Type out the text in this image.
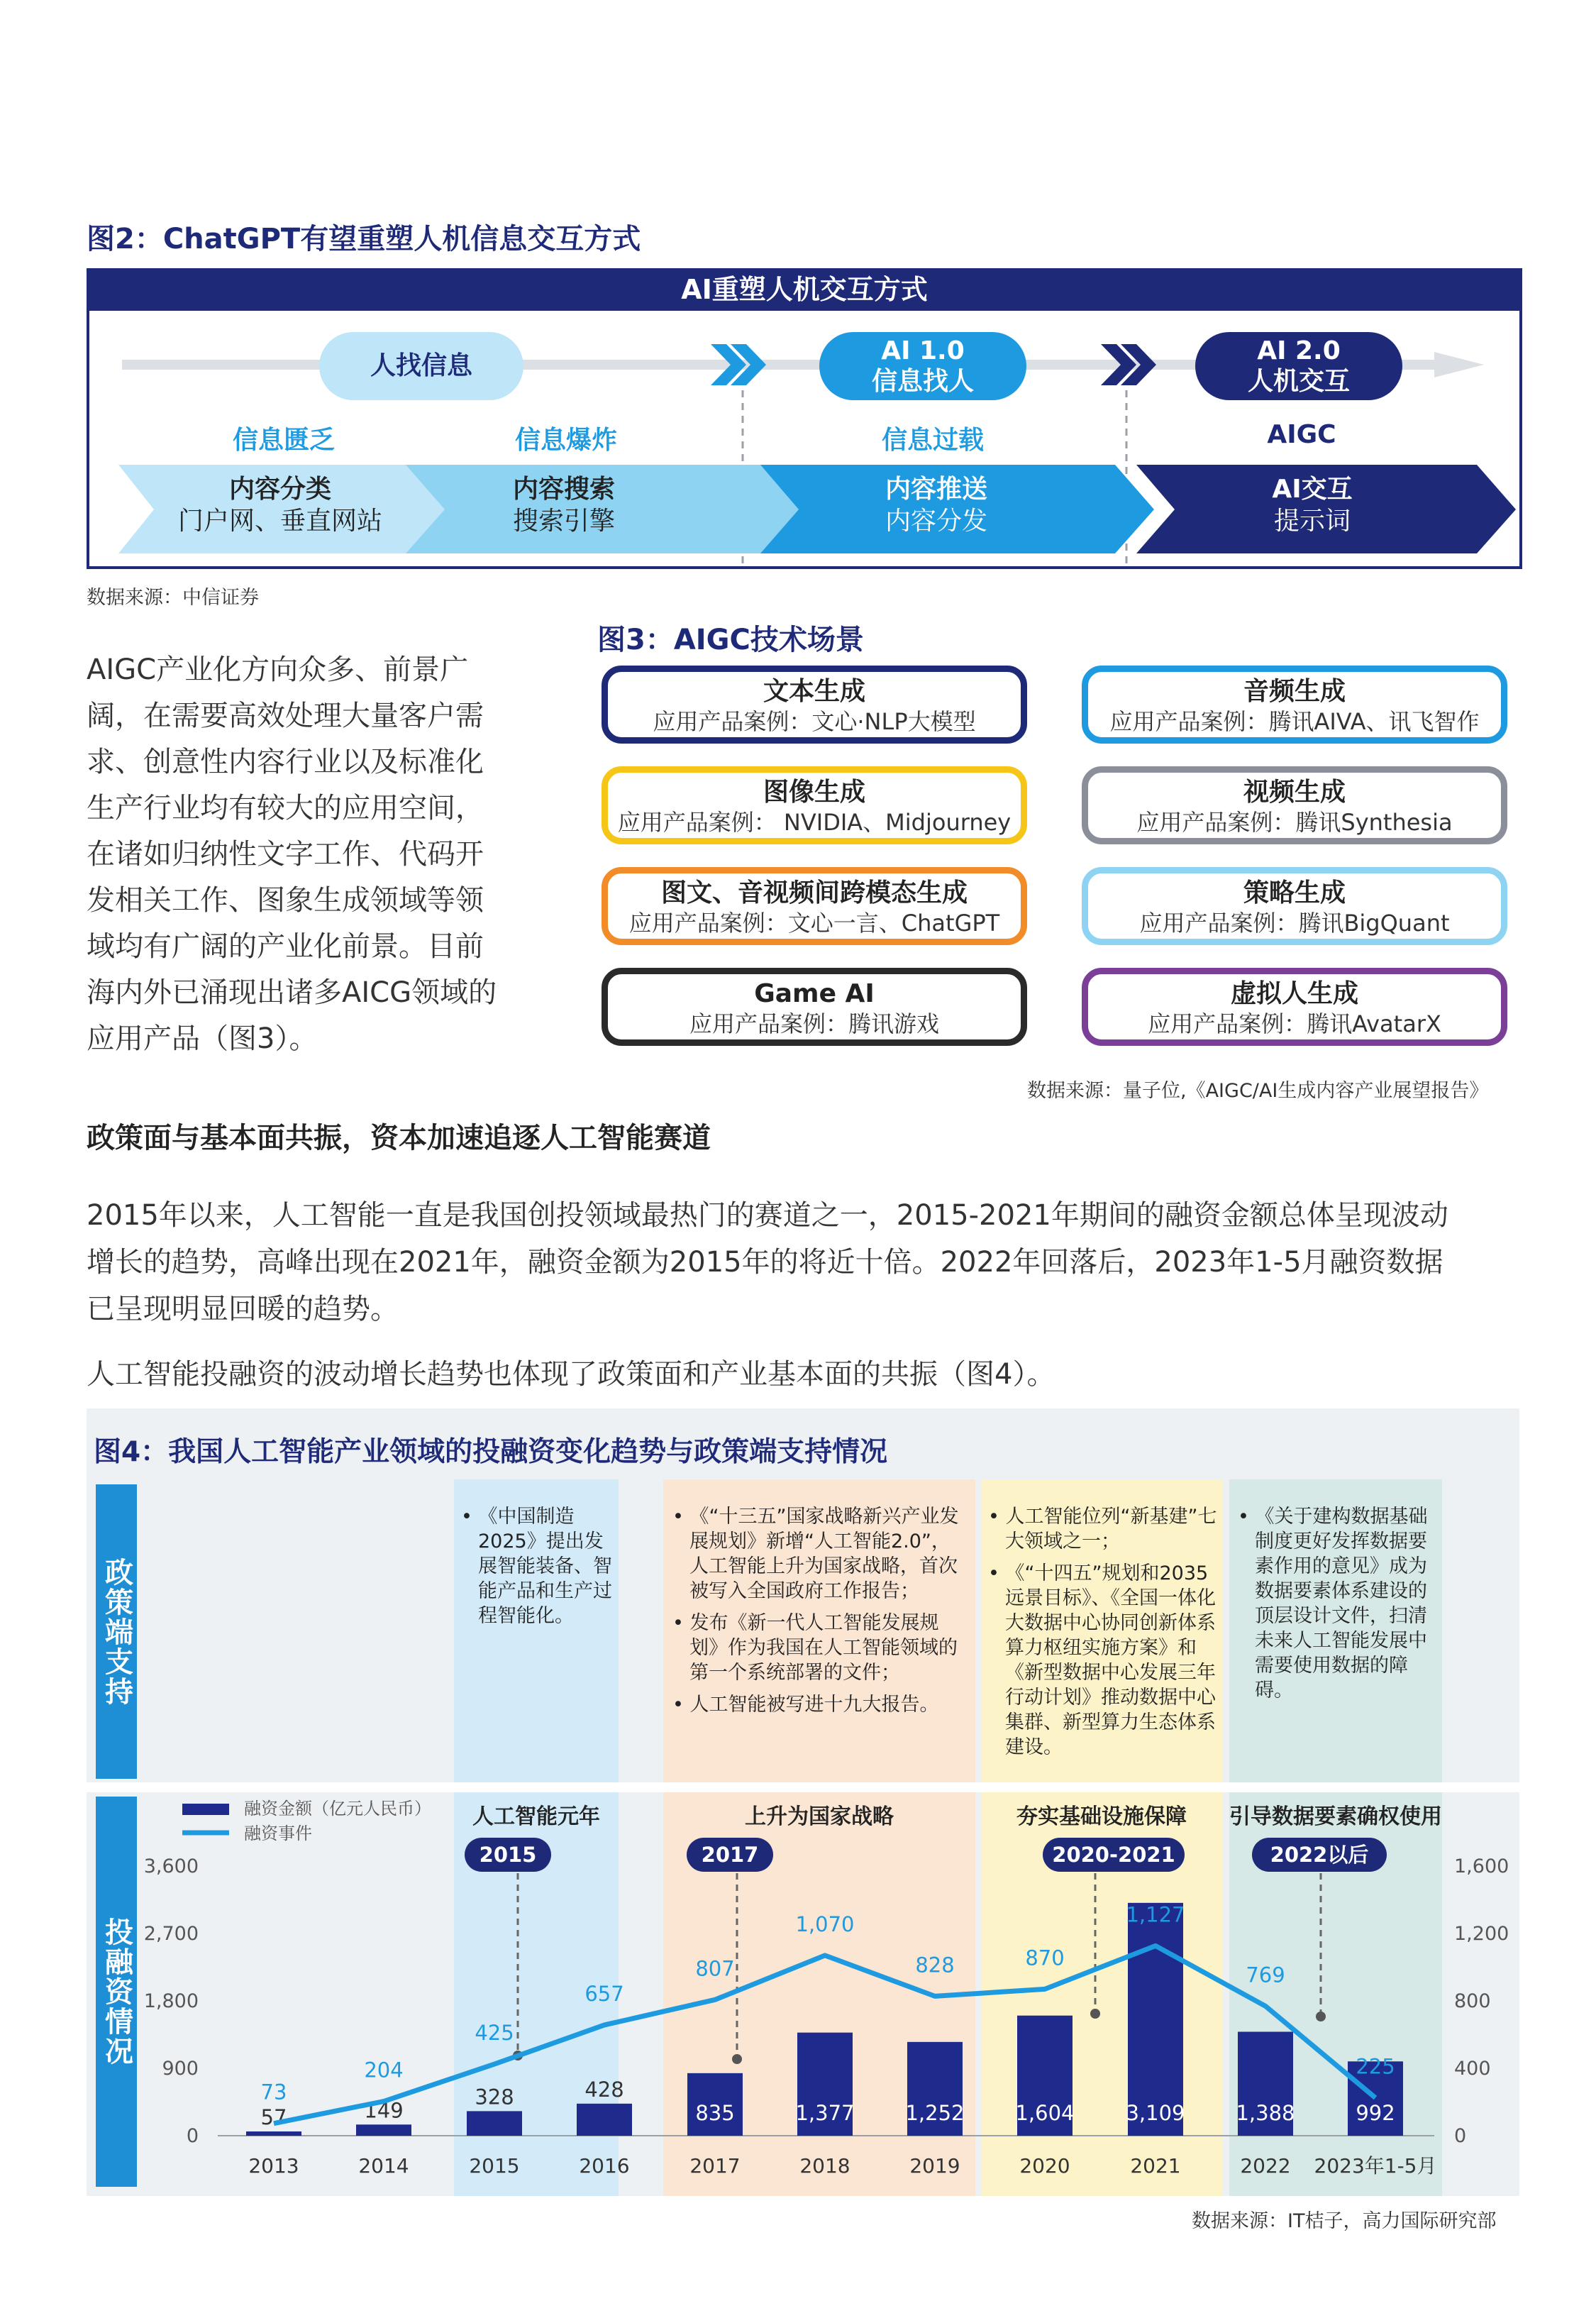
图2：ChatGPT有望重塑人机信息交互方式
AI重塑人机交互方式
人找信息
AI 1.0
信息找人
AI 2.0
人机交互
信息匮乏	信息爆炸	信息过载	AIGC
内容分类
门户网、垂直网站
内容搜索
搜索引擎
内容推送
内容分发
AI交互
提示词
数据来源：中信证券
AIGC产业化方向众多、前景广
阔，在需要高效处理大量客户需
求、创意性内容行业以及标准化
生产行业均有较大的应用空间，
在诸如归纳性文字工作、代码开
发相关工作、图象生成领域等领
域均有广阔的产业化前景。目前
海内外已涌现出诸多AICG领域的
应用产品（图3）。
图3：AIGC技术场景
文本生成
应用产品案例：文心·NLP大模型
音频生成
应用产品案例：腾讯AIVA、讯飞智作
图像生成
应用产品案例： NVIDIA、Midjourney
视频生成
应用产品案例：腾讯Synthesia
图文、音视频间跨模态生成
应用产品案例：文心一言、ChatGPT
策略生成
应用产品案例：腾讯BigQuant
Game AI
应用产品案例：腾讯游戏
虚拟人生成
应用产品案例：腾讯AvatarX
数据来源：量子位,《AIGC/AI生成内容产业展望报告》
政策面与基本面共振，资本加速追逐人工智能赛道
2015年以来，人工智能一直是我国创投领域最热门的赛道之一，2015-2021年期间的融资金额总体呈现波动
增长的趋势，高峰出现在2021年，融资金额为2015年的将近十倍。2022年回落后，2023年1-5月融资数据
已呈现明显回暖的趋势。
人工智能投融资的波动增长趋势也体现了政策面和产业基本面的共振（图4）。
图4：我国人工智能产业领域的投融资变化趋势与政策端支持情况
政策端支持
投融资情况

• 《中国制造2025》提出发展智能装备、智能产品和生产过程智能化。

• 《“十三五”国家战略新兴产业发展规划》新增“人工智能2.0”，人工智能上升为国家战略，首次被写入全国政府工作报告；

• 发布《新一代人工智能发展规划》作为我国在人工智能领域的第一个系统部署的文件；

• 人工智能被写进十九大报告。

• 人工智能位列“新基建”七大领域之一；

• 《“十四五”规划和2035远景目标》、《全国一体化大数据中心协同创新体系算力枢纽实施方案》和《新型数据中心发展三年行动计划》推动数据中心集群、新型算力生态体系建设。

• 《关于建构数据基础制度更好发挥数据要素作用的意见》成为数据要素体系建设的顶层设计文件，扫清未来人工智能发展中需要使用数据的障碍。

人工智能元年	上升为国家战略	夯实基础设施保障	引导数据要素确权使用
2015	2017	2020-2021	2022以后
融资金额（亿元人民币）
融资事件
0
900
1,800
2,700
3,600
0
400
800
1,200
1,600
57	149
328	428
835	1,377 1,252 1,604	3,109 1,388	992
73
204
425
657
807
1,070
828	870
1,127
769
225
2013	2014	2015	2016	2017	2018	2019	2020	2021	2022 2023年1-5月
数据来源：IT桔子，高力国际研究部
